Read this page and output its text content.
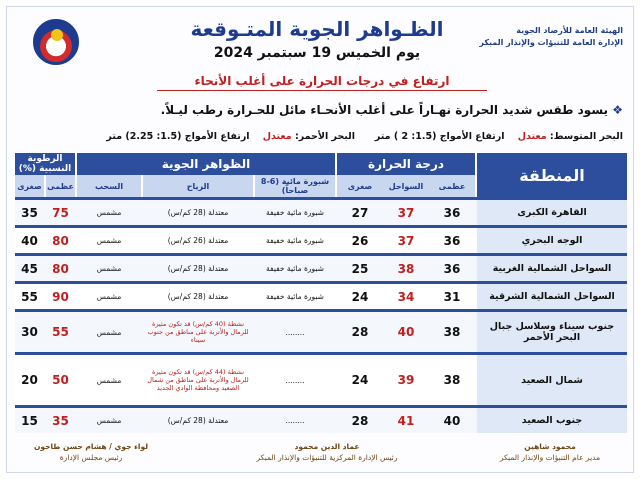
الظـواهر الجوية المتـوقعة
يوم الخميس 19 سبتمبر 2024
الهيئة العامة للأرصاد الجوية
الإدارة العامة للتنبؤات والإنذار المبكر
ارتفاع في درجات الحرارة على أغلب الأنحاء
❖ يسود طقس شديد الحرارة نهـاراً على أغلب الأنحـاء مائل للحـرارة رطب ليـلاً.
البحر المتوسط: معتدل    ارتفاع الأمواج (1.5: 2 ) متر
البحر الأحمر: معتدل    ارتفاع الأمواج (1.5: 2.25) متر
المنطقة
درجة الحرارة
الظواهر الجوية
الرطوبة النسبية (%)
عظمى
السواحل
صغرى
شبورة مائية (6-8 صباحاً)
الرياح
السحب
عظمى
صغرى
القاهرة الكبرى
36
37
27
شبورة مائية خفيفة
معتدلة (28 كم/س)
مشمس
75
35
الوجه البحري
36
37
26
شبورة مائية خفيفة
معتدلة (26 كم/س)
مشمس
80
40
السواحل الشمالية الغربية
36
38
25
شبورة مائية خفيفة
معتدلة (28 كم/س)
مشمس
80
45
السواحل الشمالية الشرقية
31
34
24
شبورة مائية خفيفة
معتدلة (28 كم/س)
مشمس
90
55
جنوب سيناء وسلاسل جبال البحر الأحمر
38
40
28
........
نشطة (40 كم/س) قد تكون مثيرة للرمال والأتربة على مناطق من جنوب سيناء
مشمس
55
30
شمال الصعيد
38
39
24
........
نشطة (44 كم/س) قد تكون مثيرة للرمال والأتربة على مناطق من شمال الصعيد ومحافظة الوادي الجديد
مشمس
50
20
جنوب الصعيد
40
41
28
........
معتدلة (28 كم/س)
مشمس
35
15
محمود شاهين
مدير عام التنبؤات والإنذار المبكر
عماد الدين محمود
رئيس الإدارة المركزية للتنبؤات والإنذار المبكر
لواء جوي / هشام حسن طاحون
رئيس مجلس الإدارة
